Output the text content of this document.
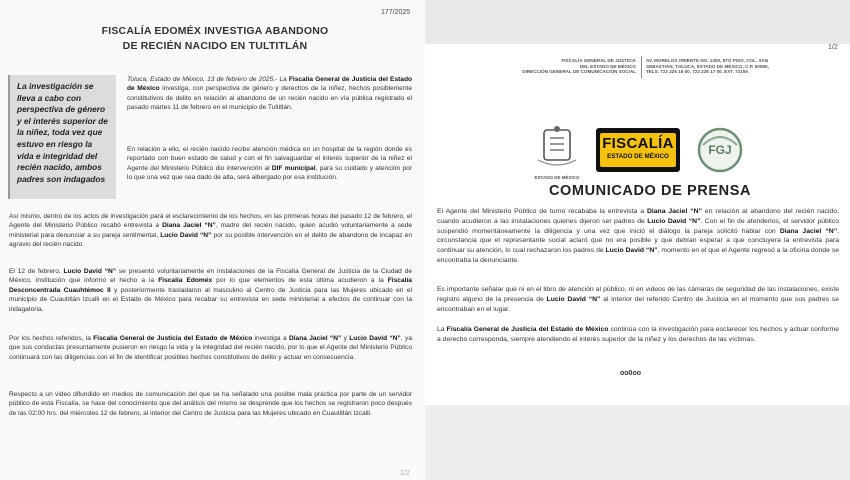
177/2025
FISCALÍA EDOMÉX INVESTIGA ABANDONO
DE RECIÉN NACIDO EN TULTITLÁN
La investigación se lleva a cabo con perspectiva de género y el interés superior de la niñez, toda vez que estuvo en riesgo la vida e integridad del recién nacido, ambos padres son indagados
Toluca, Estado de México, 13 de febrero de 2025.- La Fiscalía General de Justicia del Estado de México investiga, con perspectiva de género y derechos de la niñez, hechos posiblemente constitutivos de delito en relación al abandono de un recién nacido en vía pública registrado el pasado martes 11 de febrero en el municipio de Tultitlán.
En relación a ello, el recién nacido recibe atención médica en un hospital de la región donde es reportado con buen estado de salud y con el fin salvaguardar el interés superior de la niñez el Agente del Ministerio Público dio intervención al DIF municipal, para su cuidado y atención por lo que una vez que sea dado de alta, será albergado por esa institución.
Así mismo, dentro de los actos de investigación para el esclarecimiento de los hechos, en las primeras horas del pasado 12 de febrero, el Agente del Ministerio Público recabó entrevista a Diana Jaciel “N”, madre del recién nacido, quien acudió voluntariamente a sede ministerial para denunciar a su pareja sentimental, Lucio David “N” por su posible intervención en el delito de abandono de incapaz en agravio del recién nacido.
El 12 de febrero, Lucio David “N” se presentó voluntariamente en instalaciones de la Fiscalía General de Justicia de la Ciudad de México, institución que informó el hecho a la Fiscalía Edoméx por lo que elementos de esta última acudieron a la Fiscalía Desconcentrada Cuauhtémoc II y posteriormente trasladaron al masculino al Centro de Justicia para las Mujeres ubicado en el municipio de Cuautitlán Izcalli en el Estado de México para recabar su entrevista en sede ministerial a efectos de continuar con la indagatoria.
Por los hechos referidos, la Fiscalía General de Justicia del Estado de México investiga a Diana Jaciel “N” y Lucio David “N”, ya que sus conductas presuntamente pusieron en riesgo la vida y la integridad del recién nacido, por lo que el Agente del Ministerio Público continuará con las diligencias con el fin de identificar posibles hechos constitutivos de delito y actuar en consecuencia.
Respecto a un video difundido en medios de comunicación del que se ha señalado una posible mala práctica por parte de un servidor público de esta Fiscalía, se hace del conocimiento que del análisis del mismo se desprende que los hechos se registraron poco después de las 02:00 hrs. del miércoles 12 de febrero, al interior del Centro de Justicia para las Mujeres ubicado en Cuautitlán Izcalli.
1/2
1/2
FISCALÍA GENERAL DE JUSTICIA
DEL ESTADO DE MÉXICO
DIRECCIÓN GENERAL DE COMUNICACIÓN SOCIAL
AV. MORELOS ORIENTE NO. 1300, 6TO PISO, COL. SAN
SEBASTIÁN, TOLUCA, ESTADO DE MÉXICO, C.P. 50090,
TELS. 722 226 16 00, 722 226 17 00, EXT. 73155
ESTADO DE MÉXICO
FISCALÍA
ESTADO DE MÉXICO	FGJ
COMUNICADO DE PRENSA
El Agente del Ministerio Público de turno recababa la entrevista a Diana Jaciel “N” en relación al abandono del recién nacido, cuando acudieron a las instalaciones quienes dijeron ser padres de Lucio David “N”. Con el fin de atenderlos, el servidor público suspendió momentáneamente la diligencia y una vez que inició el diálogo la pareja solicitó hablar con Diana Jaciel “N”, circunstancia que el representante social aclaró que no era posible y que debían esperar a que concluyera la entrevista para continuar su atención, lo cual rechazaron los padres de Lucio David “N”, momento en el que el Agente regresó a la oficina donde se encontraba la denunciante.
Es importante señalar que ni en el libro de atención al público, ni en videos de las cámaras de seguridad de las instalaciones, existe registro alguno de la presencia de Lucio David “N” al interior del referido Centro de Justicia en el momento que sus padres se encontraban en el lugar.
La Fiscalía General de Justicia del Estado de México continúa con la investigación para esclarecer los hechos y actuar conforme a derecho corresponda, siempre atendiendo el interés superior de la niñez y los derechos de las víctimas.
oo0oo
